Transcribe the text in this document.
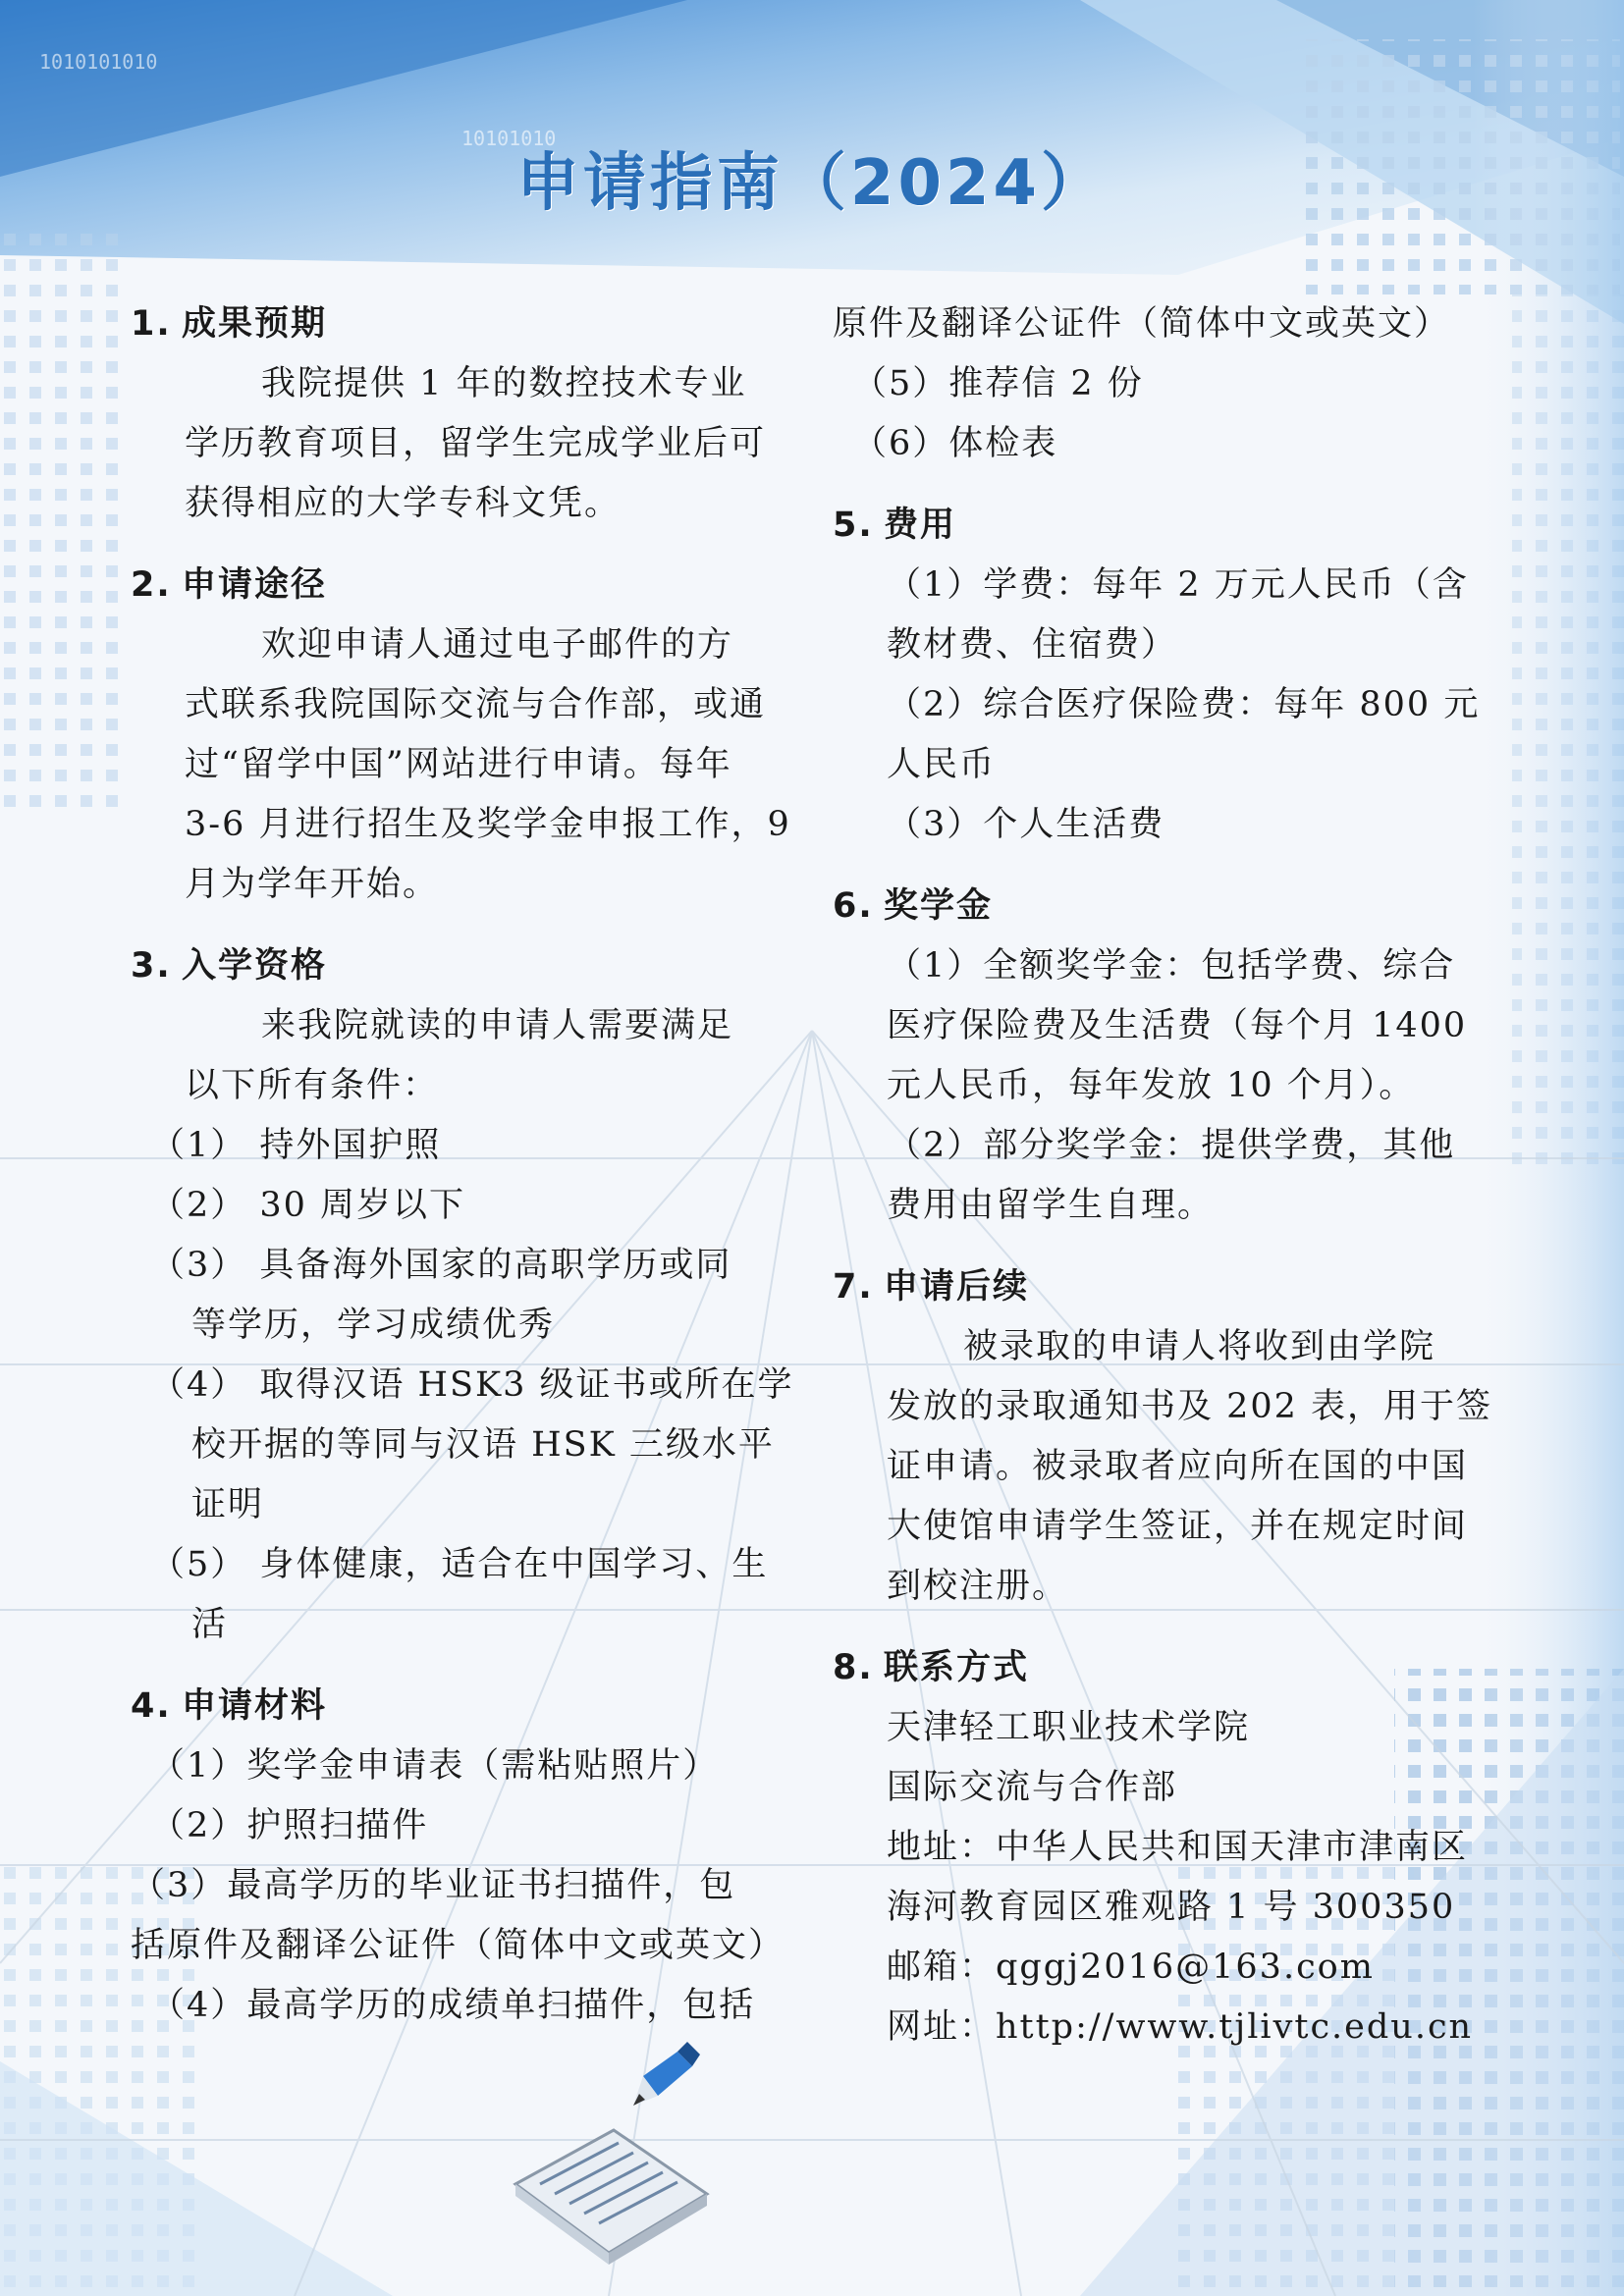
1010101010
10101010
申请指南（2024）
1. 成果预期
我院提供 1 年的数控技术专业
学历教育项目，留学生完成学业后可
获得相应的大学专科文凭。
2. 申请途径
欢迎申请人通过电子邮件的方
式联系我院国际交流与合作部，或通
过“留学中国”网站进行申请。每年
3-6 月进行招生及奖学金申报工作，9
月为学年开始。
3. 入学资格
来我院就读的申请人需要满足
以下所有条件：
（1） 持外国护照
（2） 30 周岁以下
（3） 具备海外国家的高职学历或同
等学历，学习成绩优秀
（4） 取得汉语 HSK3 级证书或所在学
校开据的等同与汉语 HSK 三级水平
证明
（5） 身体健康，适合在中国学习、生
活
4. 申请材料
（1）奖学金申请表（需粘贴照片）
（2）护照扫描件
（3）最高学历的毕业证书扫描件，包
括原件及翻译公证件（简体中文或英文）
（4）最高学历的成绩单扫描件，包括
原件及翻译公证件（简体中文或英文）
（5）推荐信 2 份
（6）体检表
5. 费用
（1）学费：每年 2 万元人民币（含
教材费、住宿费）
（2）综合医疗保险费：每年 800 元
人民币
（3）个人生活费
6. 奖学金
（1）全额奖学金：包括学费、综合
医疗保险费及生活费（每个月 1400
元人民币，每年发放 10 个月）。
（2）部分奖学金：提供学费，其他
费用由留学生自理。
7. 申请后续
被录取的申请人将收到由学院
发放的录取通知书及 202 表，用于签
证申请。被录取者应向所在国的中国
大使馆申请学生签证，并在规定时间
到校注册。
8. 联系方式
天津轻工职业技术学院
国际交流与合作部
地址：中华人民共和国天津市津南区
海河教育园区雅观路 1 号 300350
邮箱：qggj2016@163.com
网址：http://www.tjlivtc.edu.cn
